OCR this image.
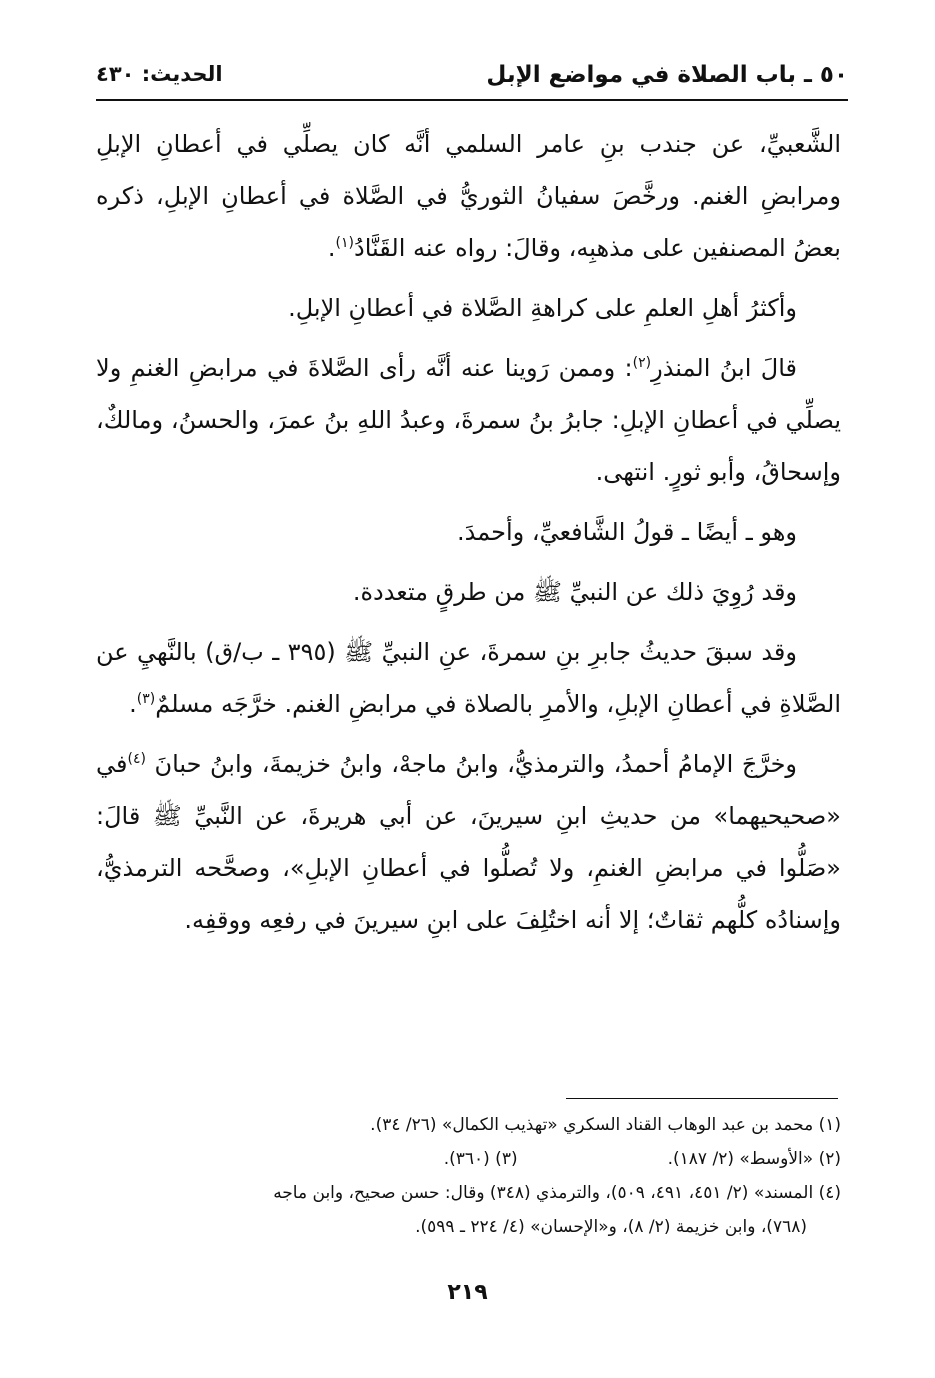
٥٠ ـ باب الصلاة في مواضع الإبل
الحديث: ٤٣٠

الشَّعبيِّ، عن جندب بنِ عامر السلمي أنَّه كان يصلِّي في أعطانِ الإبلِ ومرابضِ الغنم. ورخَّصَ سفيانُ الثوريُّ في الصَّلاة في أعطانِ الإبلِ، ذكره بعضُ المصنفين على مذهبِه، وقالَ: رواه عنه القَنَّادُ$^{(١)}$.

وأكثرُ أهلِ العلمِ على كراهةِ الصَّلاة في أعطانِ الإبلِ.

قالَ ابنُ المنذرِ$^{(٢)}$: وممن رَوينا عنه أنَّه رأى الصَّلاةَ في مرابضِ الغنمِ ولا يصلِّي في أعطانِ الإبلِ: جابرُ بنُ سمرةَ، وعبدُ اللهِ بنُ عمرَ، والحسنُ، ومالكٌ، وإسحاقُ، وأبو ثورٍ. انتهى.

وهو ـ أيضًا ـ قولُ الشَّافعيِّ، وأحمدَ.

وقد رُوِيَ ذلك عن النبيِّ ﷺ من طرقٍ متعددة.

وقد سبقَ حديثُ جابرِ بنِ سمرةَ، عنِ النبيِّ ﷺ (٣٩٥ ـ ب/ق) بالنَّهيِ عن الصَّلاةِ في أعطانِ الإبلِ، والأمرِ بالصلاة في مرابضِ الغنم. خرَّجَه مسلمٌ$^{(٣)}$.

وخرَّجَ الإمامُ أحمدُ، والترمذيُّ، وابنُ ماجهْ، وابنُ خزيمةَ، وابنُ حبانَ $^{(٤)}$في «صحيحيهما» من حديثِ ابنِ سيرينَ، عن أبي هريرةَ، عن النَّبيِّ ﷺ قالَ: «صَلُّوا في مرابضِ الغنمِ، ولا تُصلُّوا في أعطانِ الإبلِ»، وصحَّحه الترمذيُّ، وإسنادُه كلُّهم ثقاتٌ؛ إلا أنه اختُلِفَ على ابنِ سيرينَ في رفعِه ووقفِه.

(١) محمد بن عبد الوهاب القناد السكري «تهذيب الكمال» (٢٦/ ٣٤).

(٢) «الأوسط» (٢/ ١٨٧).
(٣) (٣٦٠).

(٤) المسند» (٢/ ٤٥١، ٤٩١، ٥٠٩)، والترمذي (٣٤٨) وقال: حسن صحيح، وابن ماجه

(٧٦٨)، وابن خزيمة (٢/ ٨)، و«الإحسان» (٤/ ٢٢٤ ـ ٥٩٩).

٢١٩
